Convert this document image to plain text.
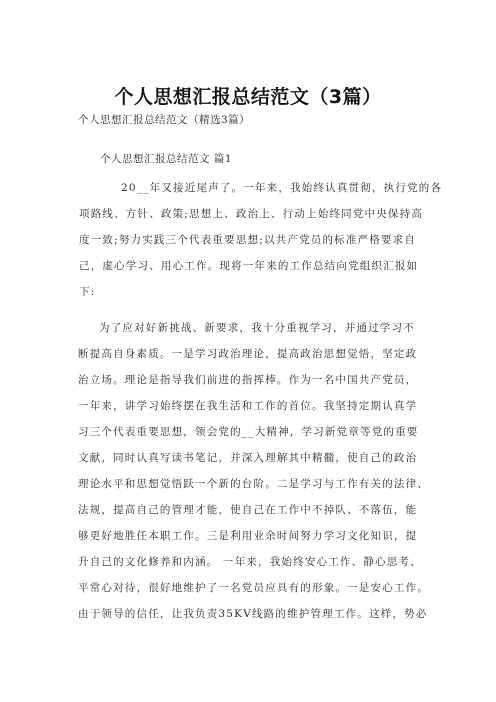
个人思想汇报总结范文（3篇）
个人思想汇报总结范文（精选3篇）
个人思想汇报总结范文 篇1
20__年又接近尾声了。一年来，我始终认真贯彻，执行党的各
项路线、方针、政策;思想上、政治上、行动上始终同党中央保持高
度一致;努力实践三个代表重要思想;以共产党员的标准严格要求自
己，虚心学习、用心工作。现将一年来的工作总结向党组织汇报如
下:
为了应对好新挑战、新要求，我十分重视学习，并通过学习不
断提高自身素质。一是学习政治理论，提高政治思想觉悟，坚定政
治立场。理论是指导我们前进的指挥棒。作为一名中国共产党员，
一年来，讲学习始终摆在我生活和工作的首位。我坚持定期认真学
习三个代表重要思想，领会党的__大精神，学习新党章等党的重要
文献，同时认真写读书笔记，并深入理解其中精髓，使自己的政治
理论水平和思想觉悟跃一个新的台阶。二是学习与工作有关的法律、
法规，提高自己的管理才能，使自己在工作中不掉队、不落伍，能
够更好地胜任本职工作。三是利用业余时间努力学习文化知识，提
升自己的文化修养和内涵。 一年来，我始终安心工作、静心思考、
平常心对待，很好地维护了一名党员应具有的形象。一是安心工作。
由于领导的信任，让我负责35KV线路的维护管理工作。这样，势必
